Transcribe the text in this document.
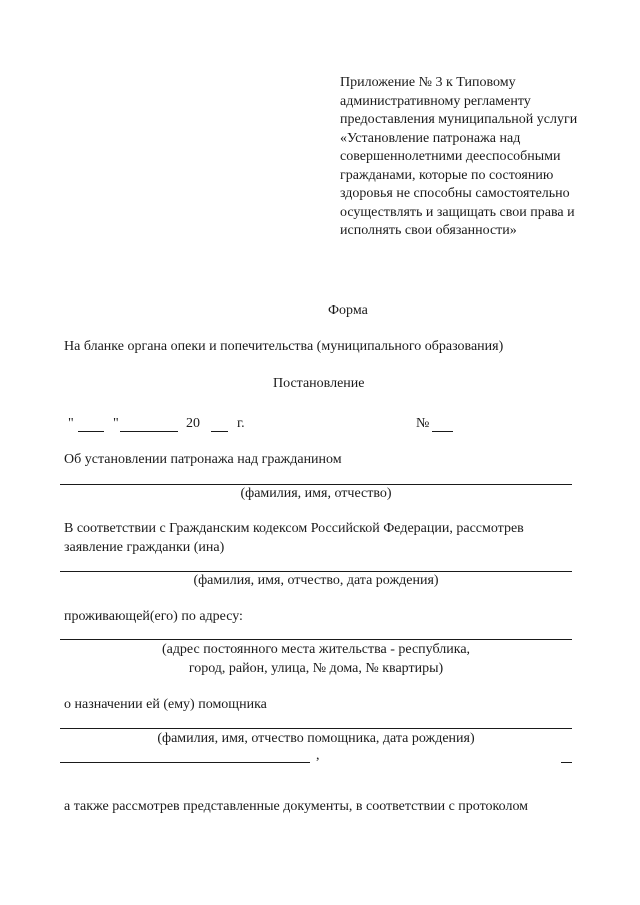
Приложение № 3 к Типовому
административному регламенту
предоставления муниципальной услуги
«Установление патронажа над
совершеннолетними дееспособными
гражданами, которые по состоянию
здоровья не способны самостоятельно
осуществлять и защищать свои права и
исполнять свои обязанности»
Форма
На бланке органа опеки и попечительства (муниципального образования)
Постановление
"	"	20	г.	№
Об установлении патронажа над гражданином
(фамилия, имя, отчество)
В соответствии с Гражданским кодексом Российской Федерации, рассмотрев
заявление гражданки (ина)
(фамилия, имя, отчество, дата рождения)
проживающей(его) по адресу:
(адрес постоянного места жительства - республика,
город, район, улица, № дома, № квартиры)
о назначении ей (ему) помощника
(фамилия, имя, отчество помощника, дата рождения)
,
а также рассмотрев представленные документы, в соответствии с протоколом
